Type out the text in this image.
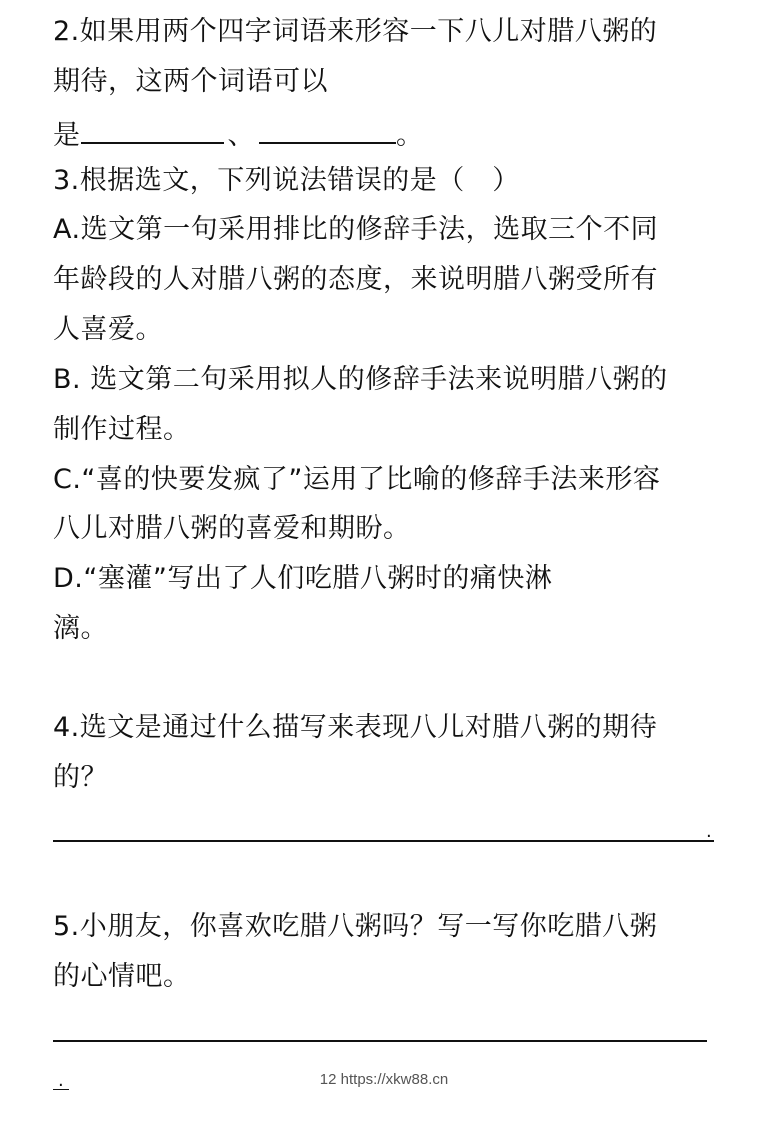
2.如果用两个四字词语来形容一下八儿对腊八粥的
期待，这两个词语可以
是	、	。
3.根据选文，下列说法错误的是（　）
A.选文第一句采用排比的修辞手法，选取三个不同
年龄段的人对腊八粥的态度，来说明腊八粥受所有
人喜爱。
B. 选文第二句采用拟人的修辞手法来说明腊八粥的
制作过程。
C.“喜的快要发疯了”运用了比喻的修辞手法来形容
八儿对腊八粥的喜爱和期盼。
D.“塞灌”写出了人们吃腊八粥时的痛快淋
漓。
4.选文是通过什么描写来表现八儿对腊八粥的期待
的？
.
5.小朋友，你喜欢吃腊八粥吗？写一写你吃腊八粥
的心情吧。
.	12 https://xkw88.cn
